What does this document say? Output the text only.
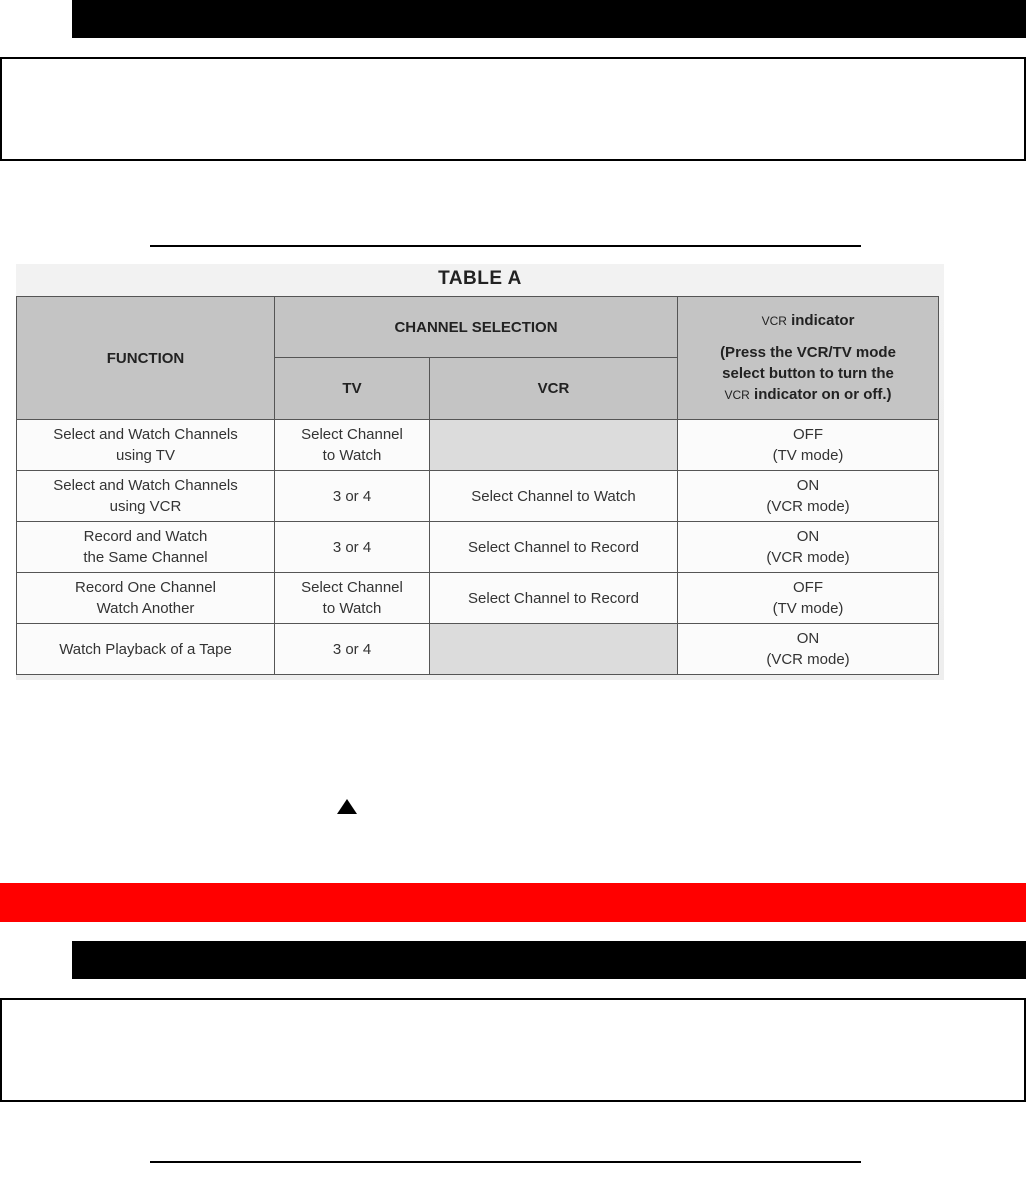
TABLE A
FUNCTION	CHANNEL SELECTION		VCR indicator
(Press the VCR/TV mode
select button to turn the
VCR indicator on or off.)
	TV	VCR	
Select and Watch Channels
using TV	Select Channel
to Watch		OFF
(TV mode)
Select and Watch Channels
using VCR	3 or 4	Select Channel to Watch	ON
(VCR mode)
Record and Watch
the Same Channel	3 or 4	Select Channel to Record	ON
(VCR mode)
Record One Channel
Watch Another	Select Channel
to Watch	Select Channel to Record	OFF
(TV mode)
Watch Playback of a Tape	3 or 4		ON
(VCR mode)
